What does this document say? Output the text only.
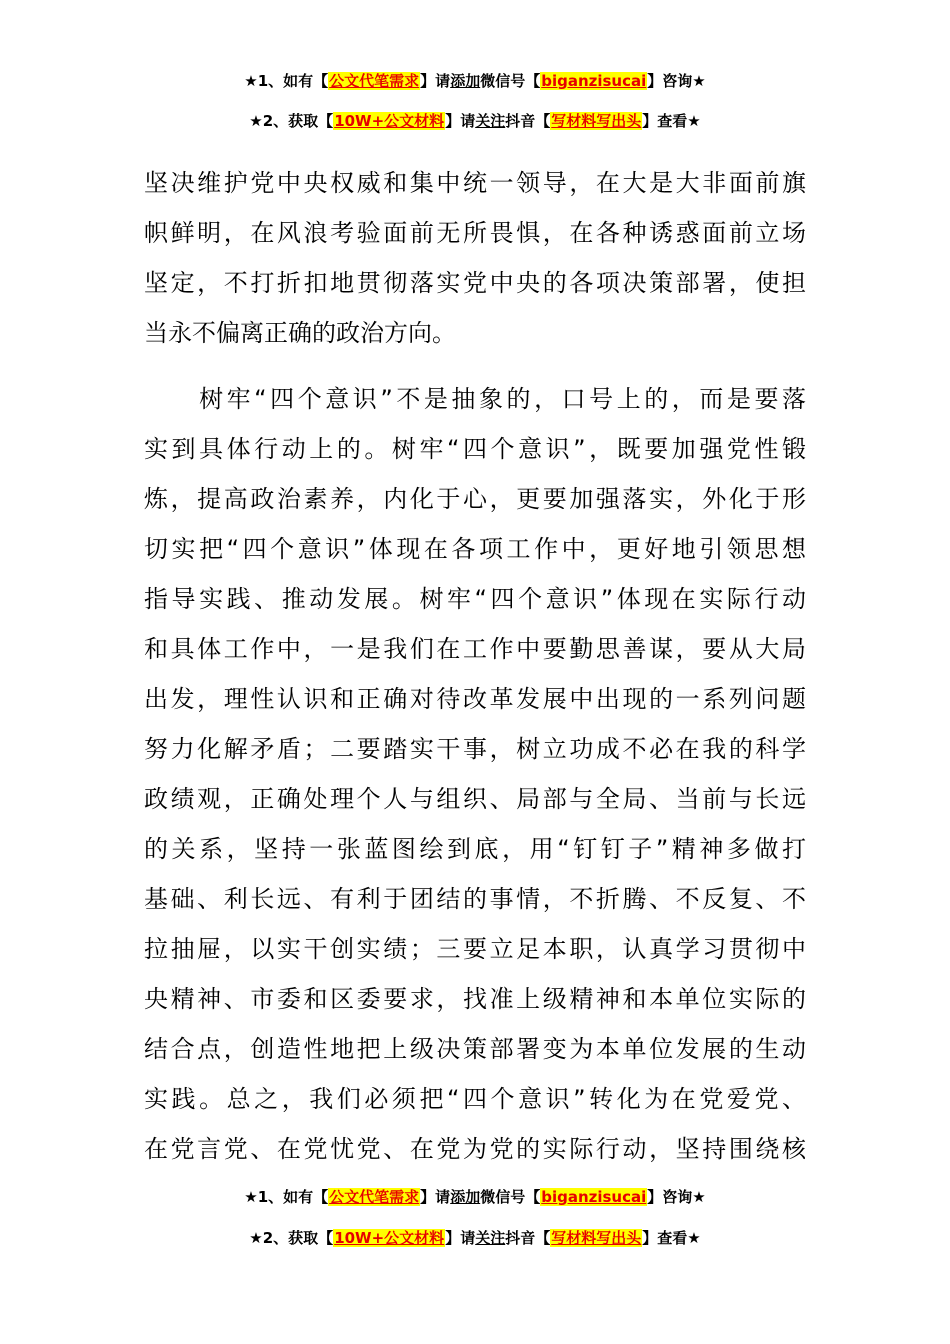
★1、如有【公文代笔需求】请添加微信号【biganzisucai】咨询★
★2、获取【10W+公文材料】请关注抖音【写材料写出头】查看★

坚决维护党中央权威和集中统一领导，在大是大非面前旗
帜鲜明，在风浪考验面前无所畏惧，在各种诱惑面前立场
坚定，不打折扣地贯彻落实党中央的各项决策部署，使担
当永不偏离正确的政治方向。

　　树牢“四个意识”不是抽象的，口号上的，而是要落
实到具体行动上的。树牢“四个意识”，既要加强党性锻
炼，提高政治素养，内化于心，更要加强落实，外化于形
切实把“四个意识”体现在各项工作中，更好地引领思想
指导实践、推动发展。树牢“四个意识”体现在实际行动
和具体工作中，一是我们在工作中要勤思善谋，要从大局
出发，理性认识和正确对待改革发展中出现的一系列问题
努力化解矛盾；二要踏实干事，树立功成不必在我的科学
政绩观，正确处理个人与组织、局部与全局、当前与长远
的关系，坚持一张蓝图绘到底，用“钉钉子”精神多做打
基础、利长远、有利于团结的事情，不折腾、不反复、不
拉抽屉，以实干创实绩；三要立足本职，认真学习贯彻中
央精神、市委和区委要求，找准上级精神和本单位实际的
结合点，创造性地把上级决策部署变为本单位发展的生动
实践。总之，我们必须把“四个意识”转化为在党爱党、
在党言党、在党忧党、在党为党的实际行动，坚持围绕核

★1、如有【公文代笔需求】请添加微信号【biganzisucai】咨询★
★2、获取【10W+公文材料】请关注抖音【写材料写出头】查看★
